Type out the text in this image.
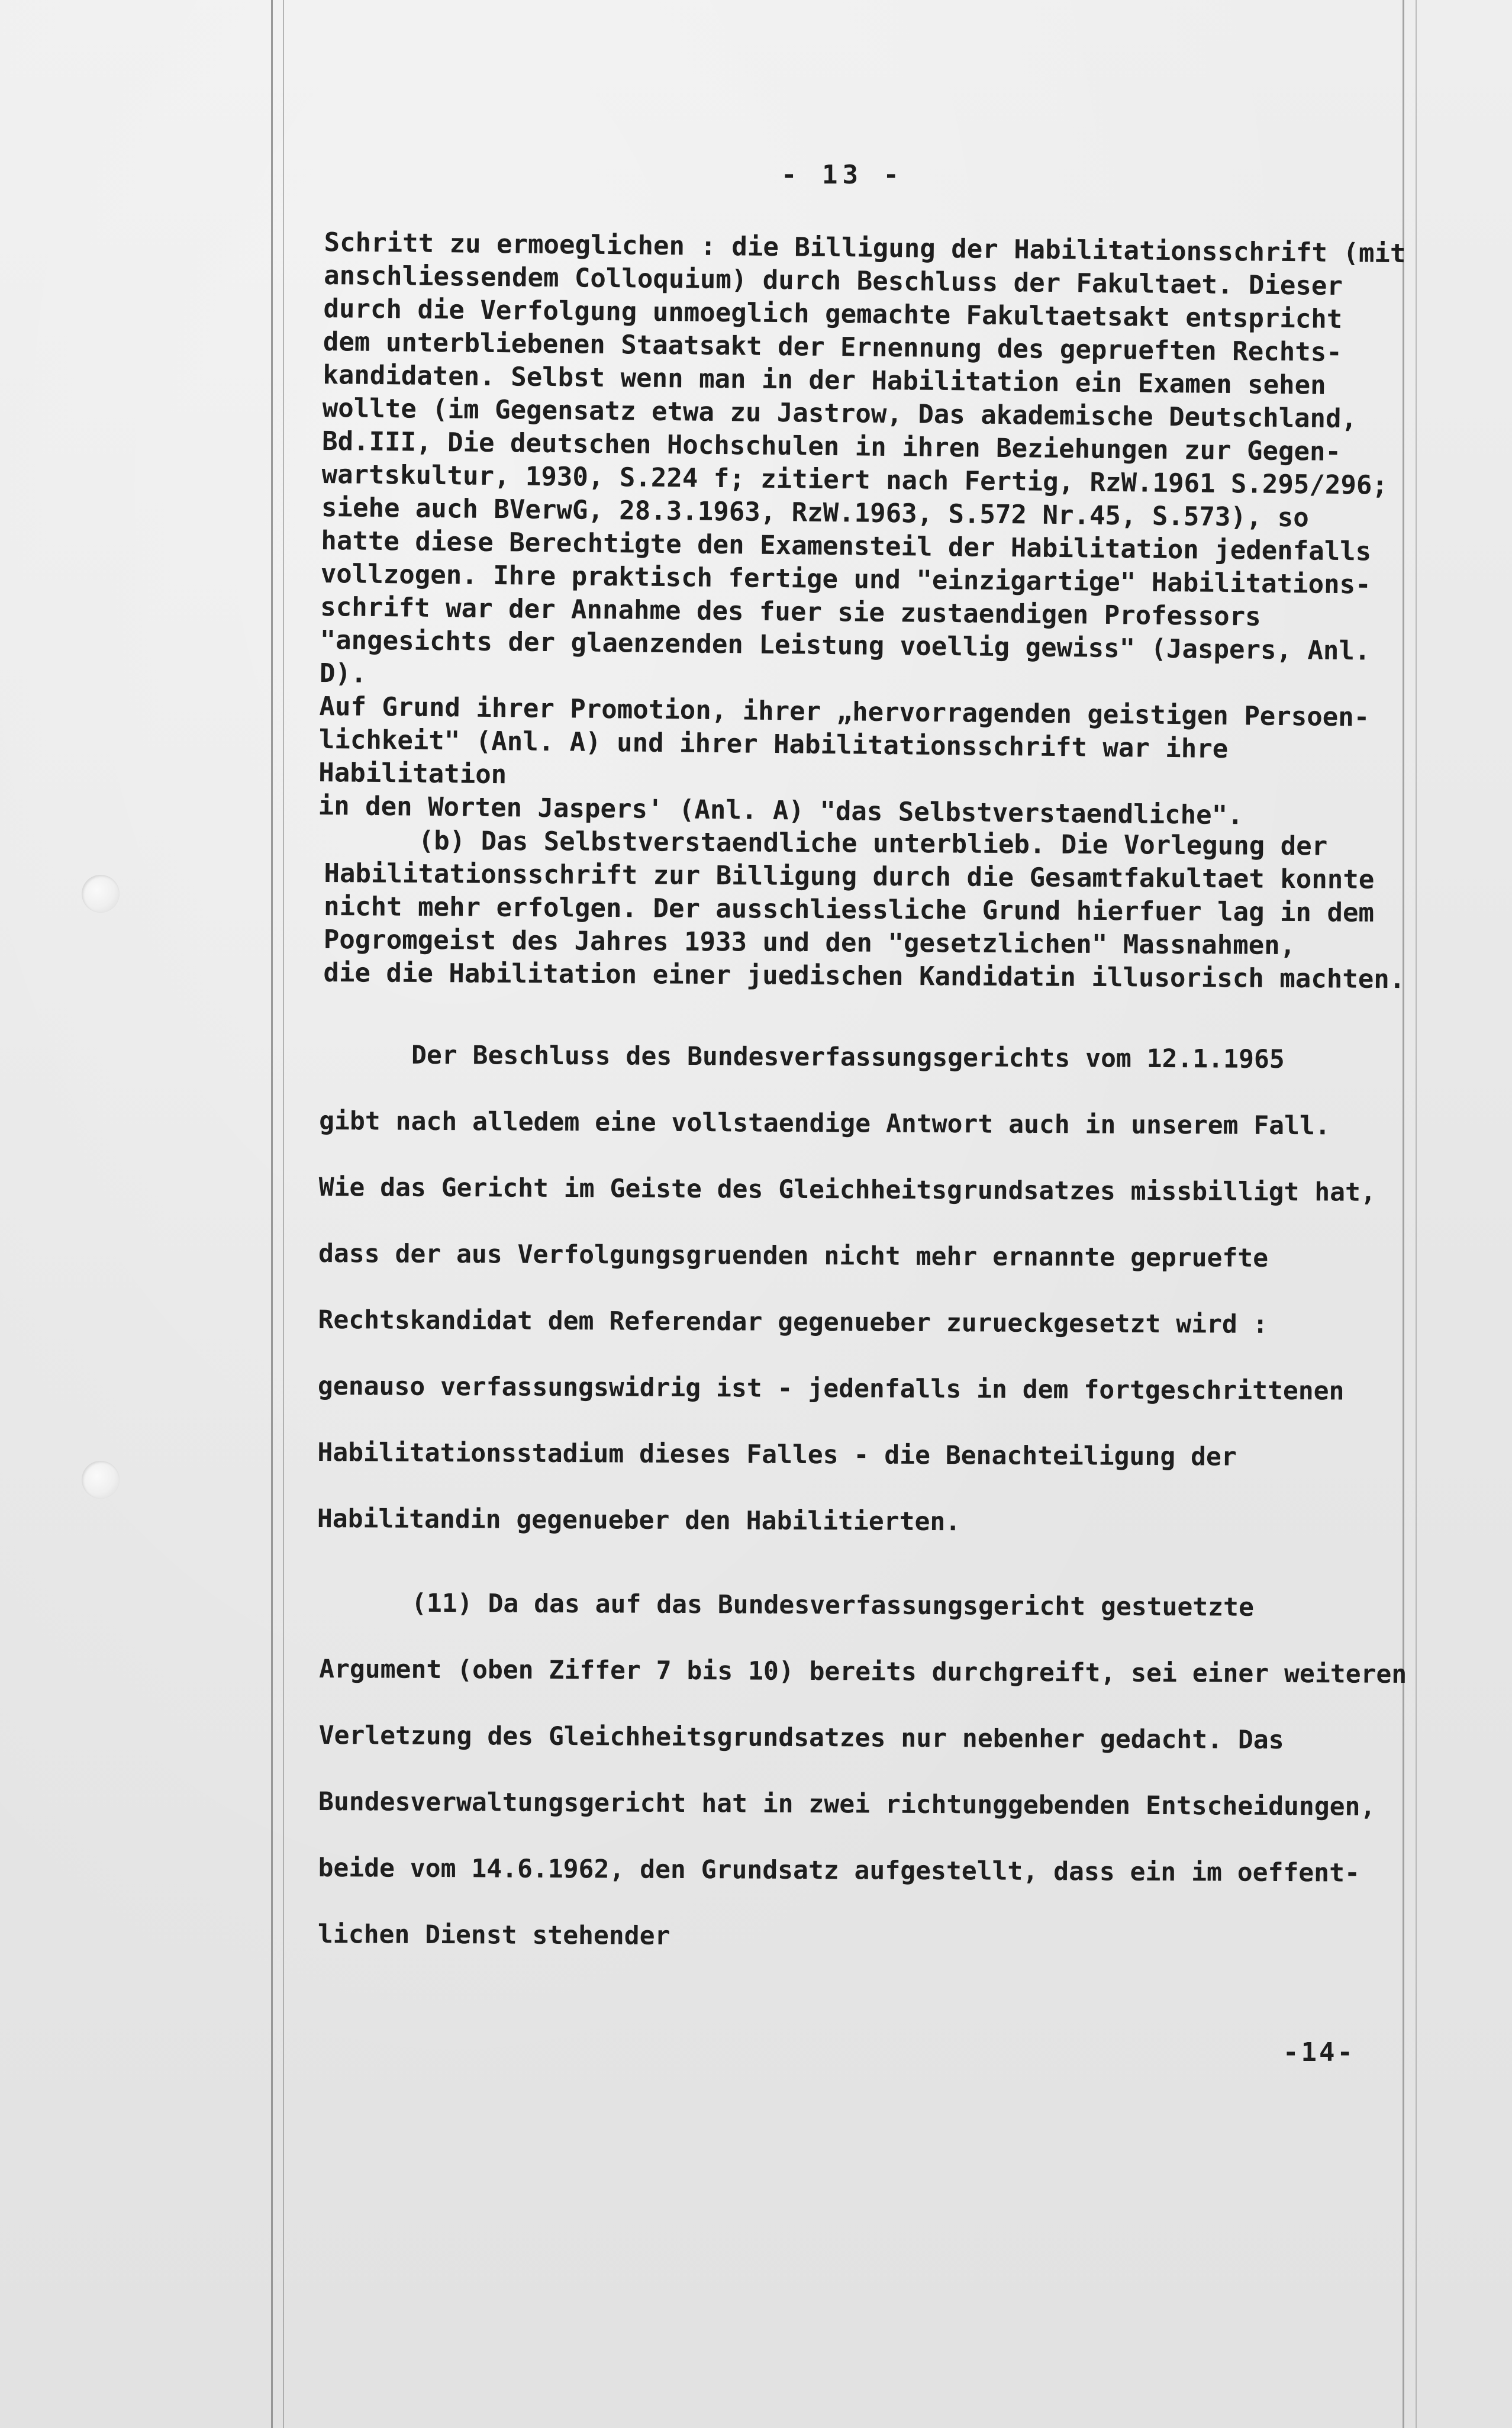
- 13 -
Schritt zu ermoeglichen : die Billigung der Habilitationsschrift (mit
anschliessendem Colloquium) durch Beschluss der Fakultaet. Dieser
durch die Verfolgung unmoeglich gemachte Fakultaetsakt entspricht
dem unterbliebenen Staatsakt der Ernennung des geprueften Rechts-
kandidaten. Selbst wenn man in der Habilitation ein Examen sehen
wollte (im Gegensatz etwa zu Jastrow, Das akademische Deutschland,
Bd.III, Die deutschen Hochschulen in ihren Beziehungen zur Gegen-
wartskultur, 1930, S.224 f; zitiert nach Fertig, RzW.1961 S.295/296;
siehe auch BVerwG, 28.3.1963, RzW.1963, S.572 Nr.45, S.573), so
hatte diese Berechtigte den Examensteil der Habilitation jedenfalls
vollzogen. Ihre praktisch fertige und "einzigartige" Habilitations-
schrift war der Annahme des fuer sie zustaendigen Professors
"angesichts der glaenzenden Leistung voellig gewiss" (Jaspers, Anl. D).
Auf Grund ihrer Promotion, ihrer „hervorragenden geistigen Persoen-
lichkeit" (Anl. A) und ihrer Habilitationsschrift war ihre Habilitation
in den Worten Jaspers' (Anl. A) "das Selbstverstaendliche".
(b) Das Selbstverstaendliche unterblieb. Die Vorlegung der
Habilitationsschrift zur Billigung durch die Gesamtfakultaet konnte
nicht mehr erfolgen. Der ausschliessliche Grund hierfuer lag in dem
Pogromgeist des Jahres 1933 und den "gesetzlichen" Massnahmen,
die die Habilitation einer juedischen Kandidatin illusorisch machten.
Der Beschluss des Bundesverfassungsgerichts vom 12.1.1965
gibt nach alledem eine vollstaendige Antwort auch in unserem Fall.
Wie das Gericht im Geiste des Gleichheitsgrundsatzes missbilligt hat,
dass der aus Verfolgungsgruenden nicht mehr ernannte gepruefte
Rechtskandidat dem Referendar gegenueber zurueckgesetzt wird :
genauso verfassungswidrig ist - jedenfalls in dem fortgeschrittenen
Habilitationsstadium dieses Falles - die Benachteiligung der
Habilitandin gegenueber den Habilitierten.
(11) Da das auf das Bundesverfassungsgericht gestuetzte
Argument (oben Ziffer 7 bis 10) bereits durchgreift, sei einer weiteren
Verletzung des Gleichheitsgrundsatzes nur nebenher gedacht. Das
Bundesverwaltungsgericht hat in zwei richtunggebenden Entscheidungen,
beide vom 14.6.1962, den Grundsatz aufgestellt, dass ein im oeffent-
lichen Dienst stehender
-14-
